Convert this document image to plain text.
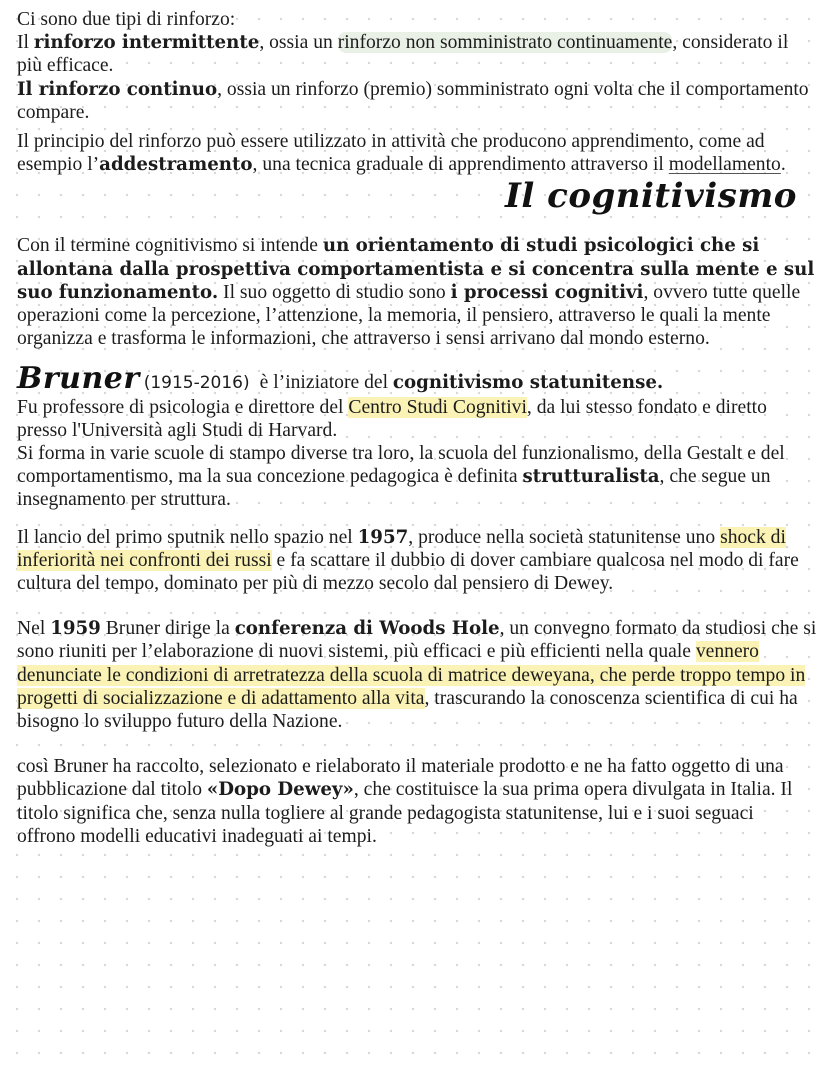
Ci sono due tipi di rinforzo:

Il rinforzo intermittente, ossia un rinforzo non somministrato continuamente, considerato il più efficace.

Il rinforzo continuo, ossia un rinforzo (premio) somministrato ogni volta che il comportamento compare.

Il principio del rinforzo può essere utilizzato in attività che producono apprendimento, come ad esempio l’addestramento, una tecnica graduale di apprendimento attraverso il modellamento.

Il cognitivismo

Con il termine cognitivismo si intende un orientamento di studi psicologici che si allontana dalla prospettiva comportamentista e si concentra sulla mente e sul suo funzionamento. Il suo oggetto di studio sono i processi cognitivi, ovvero tutte quelle operazioni come la percezione, l’attenzione, la memoria, il pensiero, attraverso le quali la mente organizza e trasforma le informazioni, che attraverso i sensi arrivano dal mondo esterno.

Bruner (1915-2016) è l’iniziatore del cognitivismo statunitense.

Fu professore di psicologia e direttore del Centro Studi Cognitivi, da lui stesso fondato e diretto presso l'Università agli Studi di Harvard.

Si forma in varie scuole di stampo diverse tra loro, la scuola del funzionalismo, della Gestalt e del comportamentismo, ma la sua concezione pedagogica è definita strutturalista, che segue un insegnamento per struttura.

Il lancio del primo sputnik nello spazio nel 1957, produce nella società statunitense uno shock di inferiorità nei confronti dei russi e fa scattare il dubbio di dover cambiare qualcosa nel modo di fare cultura del tempo, dominato per più di mezzo secolo dal pensiero di Dewey.

Nel 1959 Bruner dirige la conferenza di Woods Hole, un convegno formato da studiosi che si sono riuniti per l’elaborazione di nuovi sistemi, più efficaci e più efficienti nella quale vennero denunciate le condizioni di arretratezza della scuola di matrice deweyana, che perde troppo tempo in progetti di socializzazione e di adattamento alla vita, trascurando la conoscenza scientifica di cui ha bisogno lo sviluppo futuro della Nazione.

così Bruner ha raccolto, selezionato e rielaborato il materiale prodotto e ne ha fatto oggetto di una pubblicazione dal titolo «Dopo Dewey», che costituisce la sua prima opera divulgata in Italia. Il titolo significa che, senza nulla togliere al grande pedagogista statunitense, lui e i suoi seguaci offrono modelli educativi inadeguati ai tempi.
